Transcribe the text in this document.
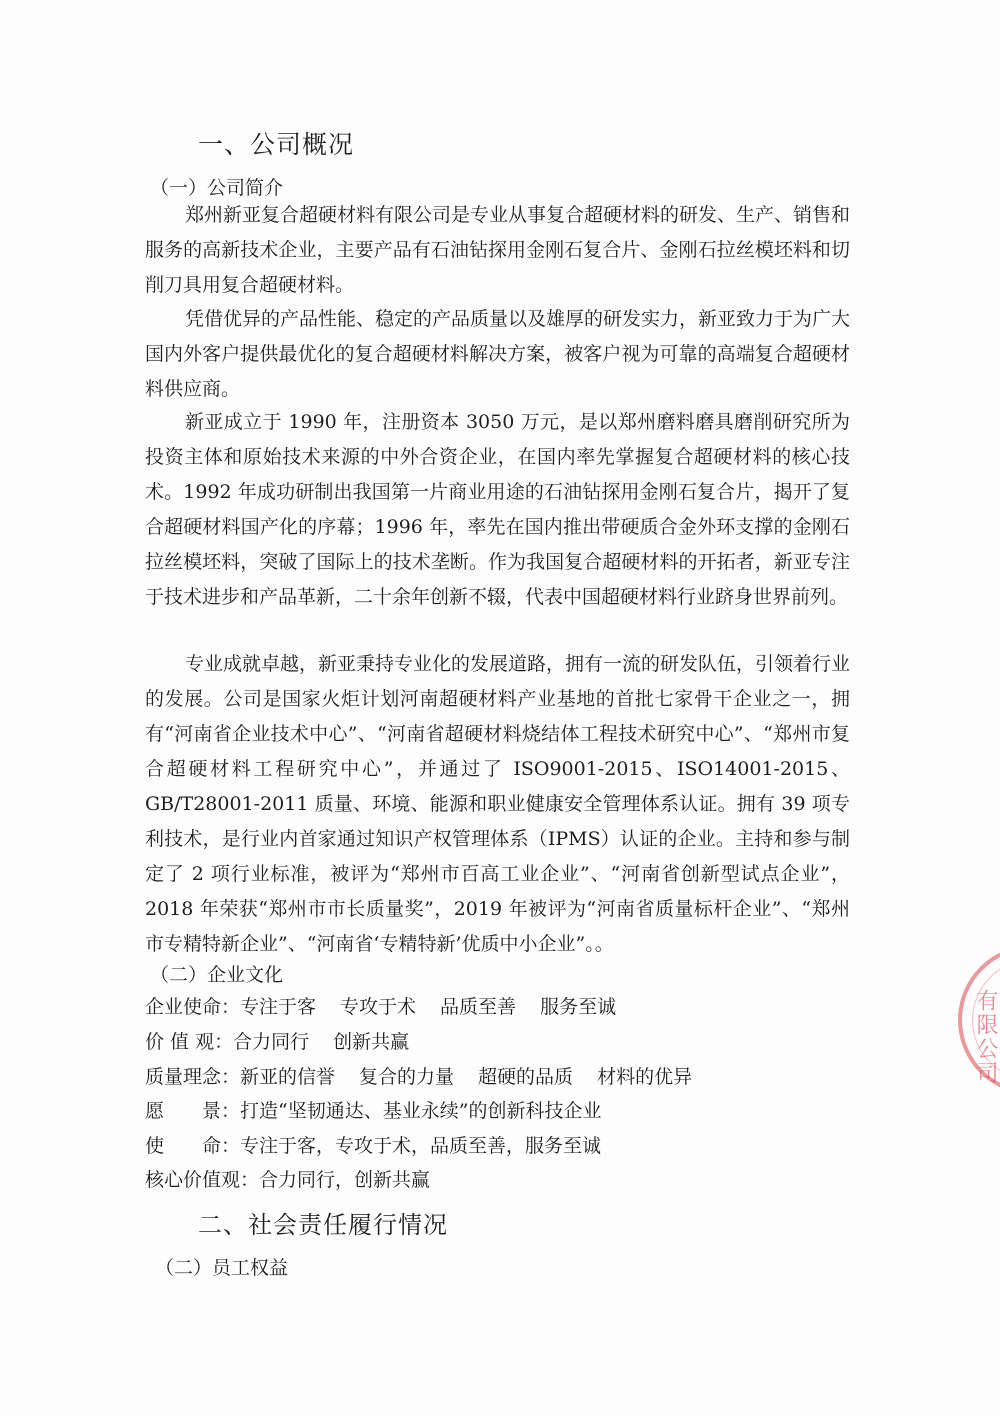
一、公司概况
（一）公司简介

郑州新亚复合超硬材料有限公司是专业从事复合超硬材料的研发、生产、销售和服务的高新技术企业，主要产品有石油钻探用金刚石复合片、金刚石拉丝模坯料和切削刀具用复合超硬材料。

凭借优异的产品性能、稳定的产品质量以及雄厚的研发实力，新亚致力于为广大国内外客户提供最优化的复合超硬材料解决方案，被客户视为可靠的高端复合超硬材料供应商。

新亚成立于 1990 年，注册资本 3050 万元，是以郑州磨料磨具磨削研究所为投资主体和原始技术来源的中外合资企业，在国内率先掌握复合超硬材料的核心技术。1992 年成功研制出我国第一片商业用途的石油钻探用金刚石复合片，揭开了复合超硬材料国产化的序幕；1996 年，率先在国内推出带硬质合金外环支撑的金刚石拉丝模坯料，突破了国际上的技术垄断。作为我国复合超硬材料的开拓者，新亚专注于技术进步和产品革新，二十余年创新不辍，代表中国超硬材料行业跻身世界前列。

专业成就卓越，新亚秉持专业化的发展道路，拥有一流的研发队伍，引领着行业的发展。公司是国家火炬计划河南超硬材料产业基地的首批七家骨干企业之一，拥有“河南省企业技术中心”、“河南省超硬材料烧结体工程技术研究中心”、“郑州市复合超硬材料工程研究中心”，并通过了 ISO9001-2015、ISO14001-2015、GB/T28001-2011 质量、环境、能源和职业健康安全管理体系认证。拥有 39 项专利技术，是行业内首家通过知识产权管理体系（IPMS）认证的企业。主持和参与制定了 2 项行业标准，被评为“郑州市百高工业企业”、“河南省创新型试点企业”，2018 年荣获“郑州市市长质量奖”，2019 年被评为“河南省质量标杆企业”、“郑州市专精特新企业”、“河南省‘专精特新’优质中小企业”。。

（二）企业文化
企业使命：专注于客 专攻于术 品质至善 服务至诚
价 值 观：合力同行 创新共赢
质量理念：新亚的信誉 复合的力量 超硬的品质 材料的优异
愿　　景：打造“坚韧通达、基业永续”的创新科技企业
使　　命：专注于客，专攻于术，品质至善，服务至诚
核心价值观：合力同行，创新共赢
二、社会责任履行情况
（二）员工权益
有限公司
